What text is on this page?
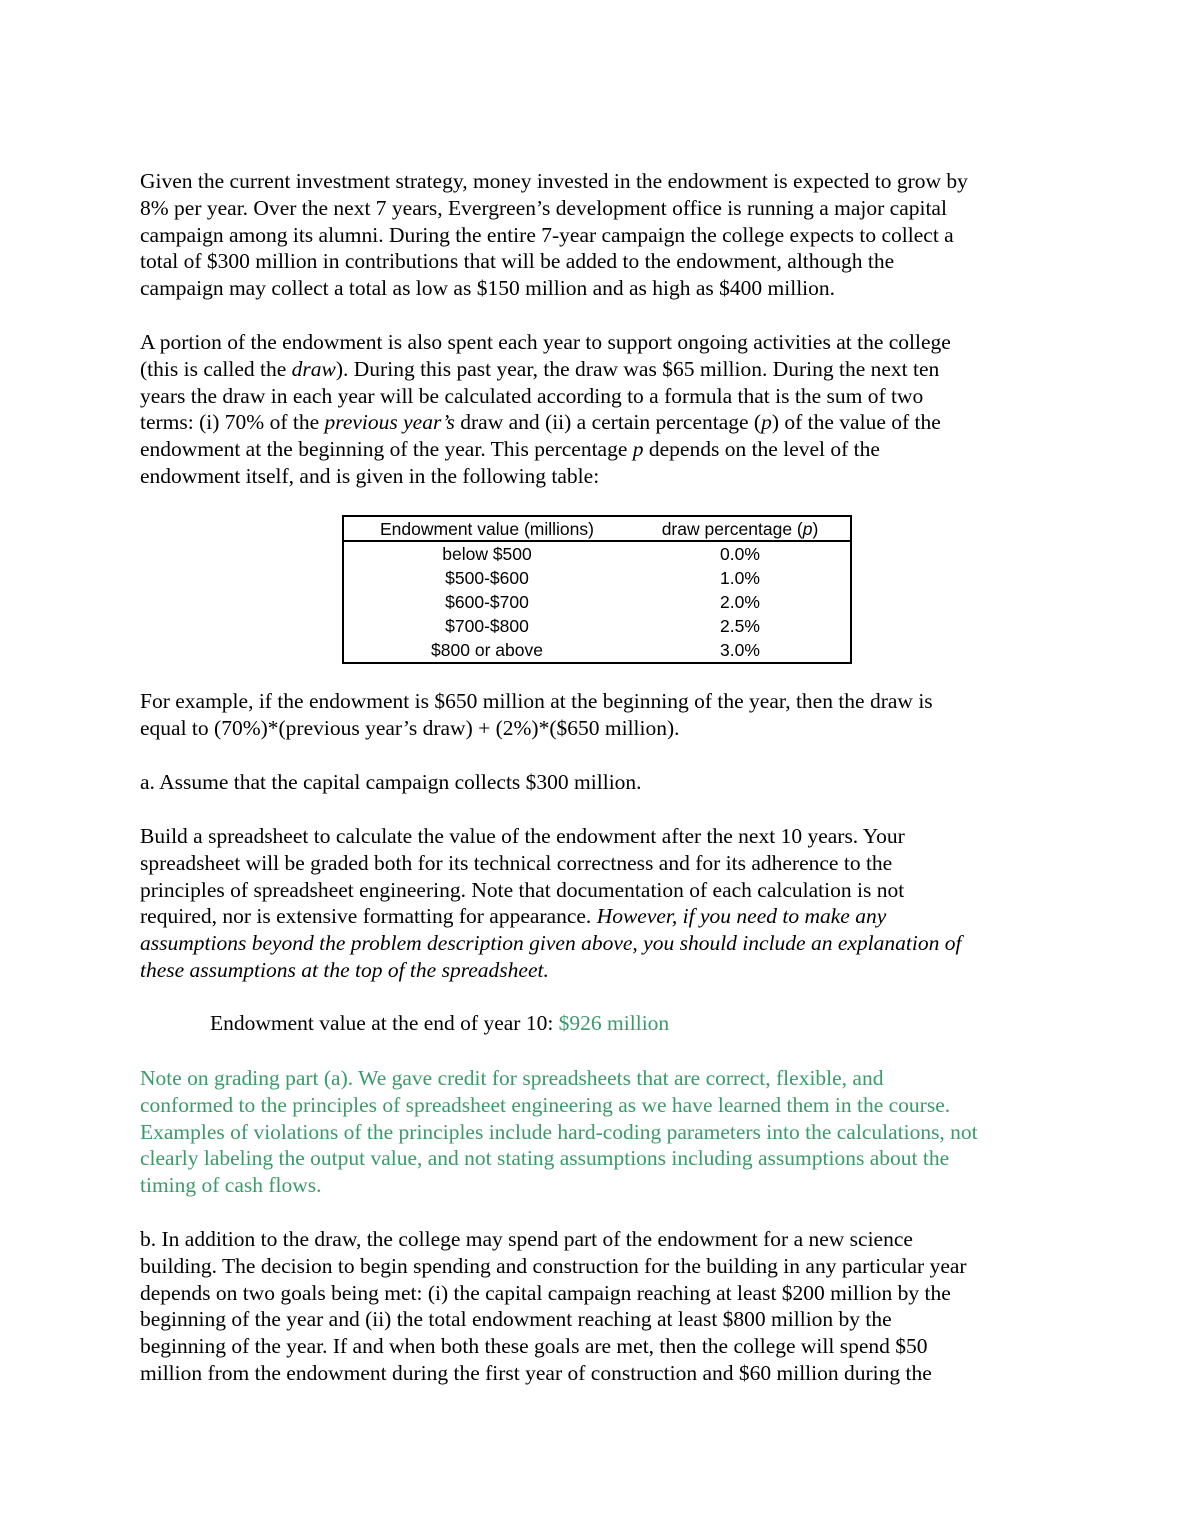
Given the current investment strategy, money invested in the endowment is expected to grow by
8% per year. Over the next 7 years, Evergreen’s development office is running a major capital
campaign among its alumni. During the entire 7-year campaign the college expects to collect a
total of $300 million in contributions that will be added to the endowment, although the
campaign may collect a total as low as $150 million and as high as $400 million.
A portion of the endowment is also spent each year to support ongoing activities at the college
(this is called the draw). During this past year, the draw was $65 million. During the next ten
years the draw in each year will be calculated according to a formula that is the sum of two
terms: (i) 70% of the previous year’s draw and (ii) a certain percentage (p) of the value of the
endowment at the beginning of the year. This percentage p depends on the level of the
endowment itself, and is given in the following table:
Endowment value (millions)	draw percentage (p)
below $500	0.0%
$500-$600	1.0%
$600-$700	2.0%
$700-$800	2.5%
$800 or above	3.0%
For example, if the endowment is $650 million at the beginning of the year, then the draw is
equal to (70%)*(previous year’s draw) + (2%)*($650 million).
a. Assume that the capital campaign collects $300 million.
Build a spreadsheet to calculate the value of the endowment after the next 10 years. Your
spreadsheet will be graded both for its technical correctness and for its adherence to the
principles of spreadsheet engineering. Note that documentation of each calculation is not
required, nor is extensive formatting for appearance. However, if you need to make any
assumptions beyond the problem description given above, you should include an explanation of
these assumptions at the top of the spreadsheet.
Endowment value at the end of year 10: $926 million
Note on grading part (a). We gave credit for spreadsheets that are correct, flexible, and
conformed to the principles of spreadsheet engineering as we have learned them in the course.
Examples of violations of the principles include hard-coding parameters into the calculations, not
clearly labeling the output value, and not stating assumptions including assumptions about the
timing of cash flows.
b. In addition to the draw, the college may spend part of the endowment for a new science
building. The decision to begin spending and construction for the building in any particular year
depends on two goals being met: (i) the capital campaign reaching at least $200 million by the
beginning of the year and (ii) the total endowment reaching at least $800 million by the
beginning of the year. If and when both these goals are met, then the college will spend $50
million from the endowment during the first year of construction and $60 million during the
